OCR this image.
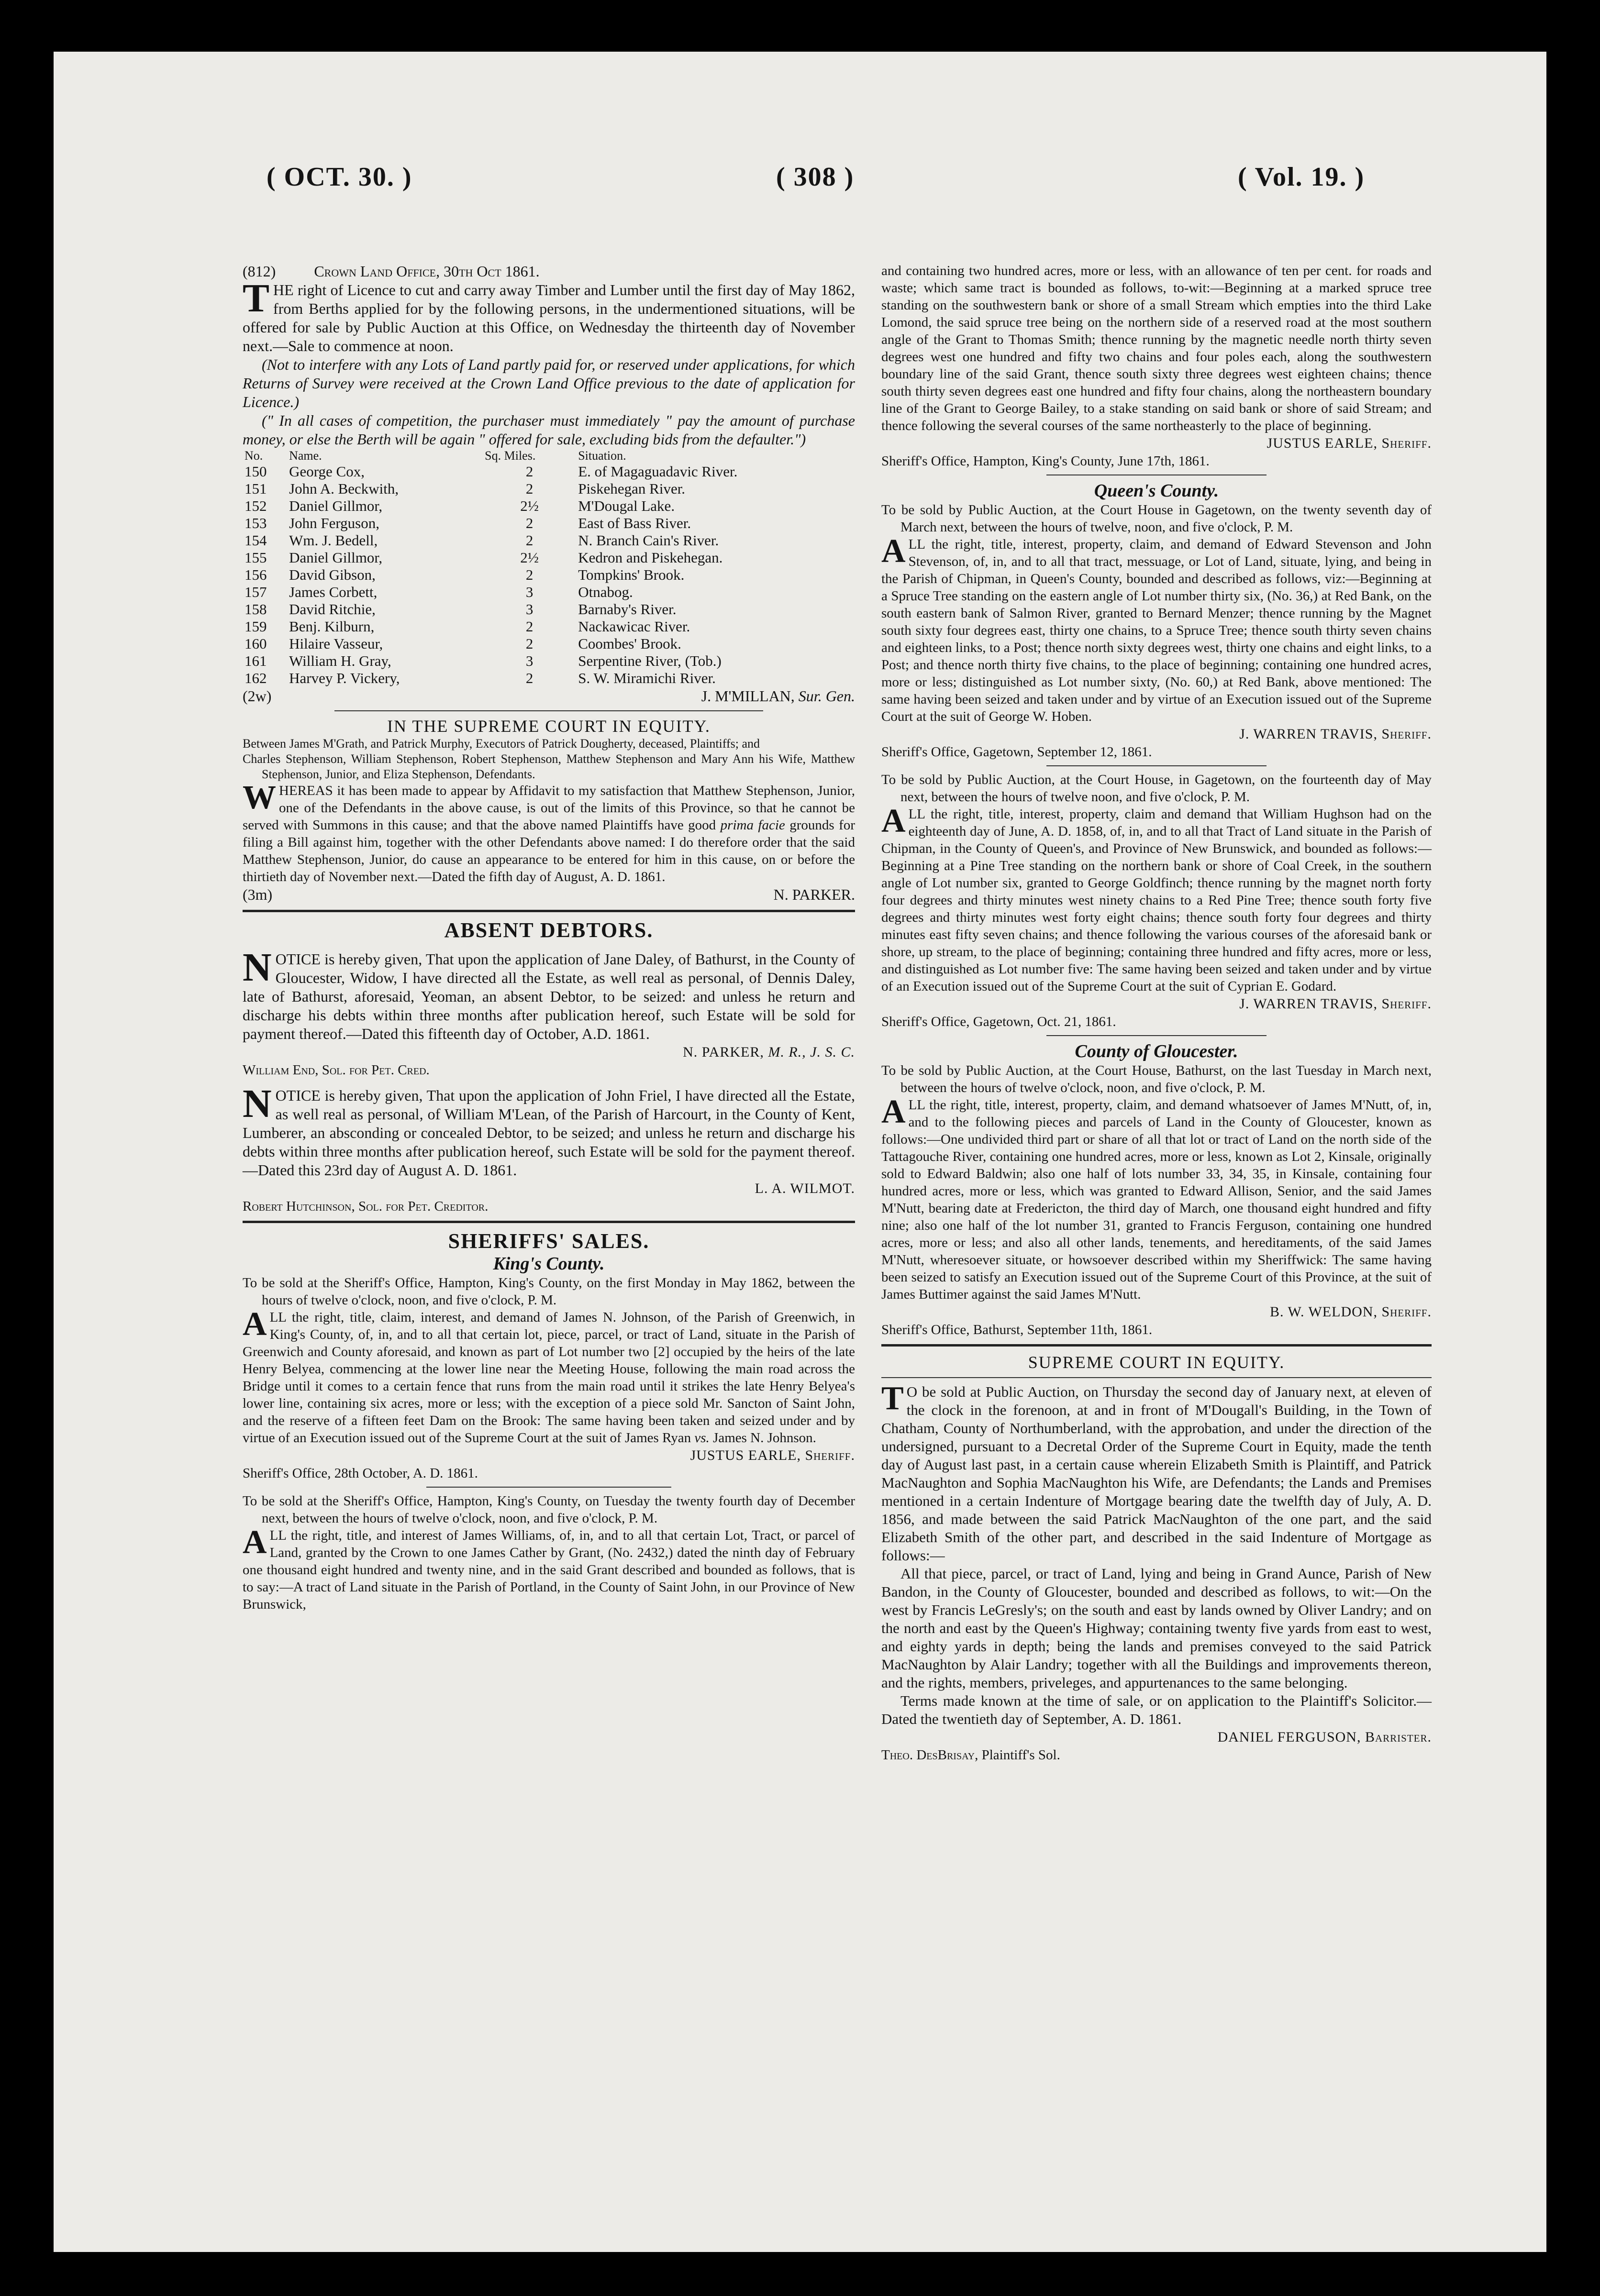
( OCT. 30. )	( 308 )	( Vol. 19. )

(812)	Crown Land Office, 30th Oct 1861.

THE right of Licence to cut and carry away Timber and Lumber until the first day of May 1862, from Berths applied for by the following persons, in the undermentioned situations, will be offered for sale by Public Auction at this Office, on Wednesday the thirteenth day of November next.—Sale to commence at noon.

(Not to interfere with any Lots of Land partly paid for, or reserved under applications, for which Returns of Survey were received at the Crown Land Office previous to the date of application for Licence.)

(" In all cases of competition, the purchaser must immediately " pay the amount of purchase money, or else the Berth will be again " offered for sale, excluding bids from the defaulter.")

No.	Name.	Sq. Miles.	Situation.
150	George Cox,	2	E. of Magaguadavic River.
151	John A. Beckwith,	2	Piskehegan River.
152	Daniel Gillmor,	2½	M'Dougal Lake.
153	John Ferguson,	2	East of Bass River.
154	Wm. J. Bedell,	2	N. Branch Cain's River.
155	Daniel Gillmor,	2½	Kedron and Piskehegan.
156	David Gibson,	2	Tompkins' Brook.
157	James Corbett,	3	Otnabog.
158	David Ritchie,	3	Barnaby's River.
159	Benj. Kilburn,	2	Nackawicac River.
160	Hilaire Vasseur,	2	Coombes' Brook.
161	William H. Gray,	3	Serpentine River, (Tob.)
162	Harvey P. Vickery,	2	S. W. Miramichi River.
(2w)	J. M'MILLAN, Sur. Gen.

IN THE SUPREME COURT IN EQUITY.

Between James M'Grath, and Patrick Murphy, Executors of Patrick Dougherty, deceased, Plaintiffs; and

Charles Stephenson, William Stephenson, Robert Stephenson, Matthew Stephenson and Mary Ann his Wife, Matthew Stephenson, Junior, and Eliza Stephenson, Defendants.

WHEREAS it has been made to appear by Affidavit to my satisfaction that Matthew Stephenson, Junior, one of the Defendants in the above cause, is out of the limits of this Province, so that he cannot be served with Summons in this cause; and that the above named Plaintiffs have good prima facie grounds for filing a Bill against him, together with the other Defendants above named: I do therefore order that the said Matthew Stephenson, Junior, do cause an appearance to be entered for him in this cause, on or before the thirtieth day of November next.—Dated the fifth day of August, A. D. 1861.

(3m)	N. PARKER.

ABSENT DEBTORS.

NOTICE is hereby given, That upon the application of Jane Daley, of Bathurst, in the County of Gloucester, Widow, I have directed all the Estate, as well real as personal, of Dennis Daley, late of Bathurst, aforesaid, Yeoman, an absent Debtor, to be seized: and unless he return and discharge his debts within three months after publication hereof, such Estate will be sold for payment thereof.—Dated this fifteenth day of October, A.D. 1861.

N. PARKER, M. R., J. S. C.

William End, Sol. for Pet. Cred.

NOTICE is hereby given, That upon the application of John Friel, I have directed all the Estate, as well real as personal, of William M'Lean, of the Parish of Harcourt, in the County of Kent, Lumberer, an absconding or concealed Debtor, to be seized; and unless he return and discharge his debts within three months after publication hereof, such Estate will be sold for the payment thereof.—Dated this 23rd day of August A. D. 1861.

L. A. WILMOT.

Robert Hutchinson, Sol. for Pet. Creditor.

SHERIFFS' SALES.

King's County.

To be sold at the Sheriff's Office, Hampton, King's County, on the first Monday in May 1862, between the hours of twelve o'clock, noon, and five o'clock, P. M.

ALL the right, title, claim, interest, and demand of James N. Johnson, of the Parish of Greenwich, in King's County, of, in, and to all that certain lot, piece, parcel, or tract of Land, situate in the Parish of Greenwich and County aforesaid, and known as part of Lot number two [2] occupied by the heirs of the late Henry Belyea, commencing at the lower line near the Meeting House, following the main road across the Bridge until it comes to a certain fence that runs from the main road until it strikes the late Henry Belyea's lower line, containing six acres, more or less; with the exception of a piece sold Mr. Sancton of Saint John, and the reserve of a fifteen feet Dam on the Brook: The same having been taken and seized under and by virtue of an Execution issued out of the Supreme Court at the suit of James Ryan vs. James N. Johnson.

JUSTUS EARLE, Sheriff.

Sheriff's Office, 28th October, A. D. 1861.

To be sold at the Sheriff's Office, Hampton, King's County, on Tuesday the twenty fourth day of December next, between the hours of twelve o'clock, noon, and five o'clock, P. M.

ALL the right, title, and interest of James Williams, of, in, and to all that certain Lot, Tract, or parcel of Land, granted by the Crown to one James Cather by Grant, (No. 2432,) dated the ninth day of February one thousand eight hundred and twenty nine, and in the said Grant described and bounded as follows, that is to say:—A tract of Land situate in the Parish of Portland, in the County of Saint John, in our Province of New Brunswick,

and containing two hundred acres, more or less, with an allowance of ten per cent. for roads and waste; which same tract is bounded as follows, to-wit:—Beginning at a marked spruce tree standing on the southwestern bank or shore of a small Stream which empties into the third Lake Lomond, the said spruce tree being on the northern side of a reserved road at the most southern angle of the Grant to Thomas Smith; thence running by the magnetic needle north thirty seven degrees west one hundred and fifty two chains and four poles each, along the southwestern boundary line of the said Grant, thence south sixty three degrees west eighteen chains; thence south thirty seven degrees east one hundred and fifty four chains, along the northeastern boundary line of the Grant to George Bailey, to a stake standing on said bank or shore of said Stream; and thence following the several courses of the same northeasterly to the place of beginning.

JUSTUS EARLE, Sheriff.

Sheriff's Office, Hampton, King's County, June 17th, 1861.

Queen's County.

To be sold by Public Auction, at the Court House in Gagetown, on the twenty seventh day of March next, between the hours of twelve, noon, and five o'clock, P. M.

ALL the right, title, interest, property, claim, and demand of Edward Stevenson and John Stevenson, of, in, and to all that tract, messuage, or Lot of Land, situate, lying, and being in the Parish of Chipman, in Queen's County, bounded and described as follows, viz:—Beginning at a Spruce Tree standing on the eastern angle of Lot number thirty six, (No. 36,) at Red Bank, on the south eastern bank of Salmon River, granted to Bernard Menzer; thence running by the Magnet south sixty four degrees east, thirty one chains, to a Spruce Tree; thence south thirty seven chains and eighteen links, to a Post; thence north sixty degrees west, thirty one chains and eight links, to a Post; and thence north thirty five chains, to the place of beginning; containing one hundred acres, more or less; distinguished as Lot number sixty, (No. 60,) at Red Bank, above mentioned: The same having been seized and taken under and by virtue of an Execution issued out of the Supreme Court at the suit of George W. Hoben.

J. WARREN TRAVIS, Sheriff.

Sheriff's Office, Gagetown, September 12, 1861.

To be sold by Public Auction, at the Court House, in Gagetown, on the fourteenth day of May next, between the hours of twelve noon, and five o'clock, P. M.

ALL the right, title, interest, property, claim and demand that William Hughson had on the eighteenth day of June, A. D. 1858, of, in, and to all that Tract of Land situate in the Parish of Chipman, in the County of Queen's, and Province of New Brunswick, and bounded as follows:—Beginning at a Pine Tree standing on the northern bank or shore of Coal Creek, in the southern angle of Lot number six, granted to George Goldfinch; thence running by the magnet north forty four degrees and thirty minutes west ninety chains to a Red Pine Tree; thence south forty five degrees and thirty minutes west forty eight chains; thence south forty four degrees and thirty minutes east fifty seven chains; and thence following the various courses of the aforesaid bank or shore, up stream, to the place of beginning; containing three hundred and fifty acres, more or less, and distinguished as Lot number five: The same having been seized and taken under and by virtue of an Execution issued out of the Supreme Court at the suit of Cyprian E. Godard.

J. WARREN TRAVIS, Sheriff.

Sheriff's Office, Gagetown, Oct. 21, 1861.

County of Gloucester.

To be sold by Public Auction, at the Court House, Bathurst, on the last Tuesday in March next, between the hours of twelve o'clock, noon, and five o'clock, P. M.

ALL the right, title, interest, property, claim, and demand whatsoever of James M'Nutt, of, in, and to the following pieces and parcels of Land in the County of Gloucester, known as follows:—One undivided third part or share of all that lot or tract of Land on the north side of the Tattagouche River, containing one hundred acres, more or less, known as Lot 2, Kinsale, originally sold to Edward Baldwin; also one half of lots number 33, 34, 35, in Kinsale, containing four hundred acres, more or less, which was granted to Edward Allison, Senior, and the said James M'Nutt, bearing date at Fredericton, the third day of March, one thousand eight hundred and fifty nine; also one half of the lot number 31, granted to Francis Ferguson, containing one hundred acres, more or less; and also all other lands, tenements, and hereditaments, of the said James M'Nutt, wheresoever situate, or howsoever described within my Sheriffwick: The same having been seized to satisfy an Execution issued out of the Supreme Court of this Province, at the suit of James Buttimer against the said James M'Nutt.

B. W. WELDON, Sheriff.

Sheriff's Office, Bathurst, September 11th, 1861.

SUPREME COURT IN EQUITY.

T O be sold at Public Auction, on Thursday the second day of January next, at eleven of the clock in the forenoon, at and in front of M'Dougall's Building, in the Town of Chatham, County of Northumberland, with the approbation, and under the direction of the undersigned, pursuant to a Decretal Order of the Supreme Court in Equity, made the tenth day of August last past, in a certain cause wherein Elizabeth Smith is Plaintiff, and Patrick MacNaughton and Sophia MacNaughton his Wife, are Defendants; the Lands and Premises mentioned in a certain Indenture of Mortgage bearing date the twelfth day of July, A. D. 1856, and made between the said Patrick MacNaughton of the one part, and the said Elizabeth Smith of the other part, and described in the said Indenture of Mortgage as follows:—

All that piece, parcel, or tract of Land, lying and being in Grand Aunce, Parish of New Bandon, in the County of Gloucester, bounded and described as follows, to wit:—On the west by Francis LeGresly's; on the south and east by lands owned by Oliver Landry; and on the north and east by the Queen's Highway; containing twenty five yards from east to west, and eighty yards in depth; being the lands and premises conveyed to the said Patrick MacNaughton by Alair Landry; together with all the Buildings and improvements thereon, and the rights, members, priveleges, and appurtenances to the same belonging.

Terms made known at the time of sale, or on application to the Plaintiff's Solicitor.—Dated the twentieth day of September, A. D. 1861.

DANIEL FERGUSON, Barrister.

Theo. DesBrisay, Plaintiff's Sol.
